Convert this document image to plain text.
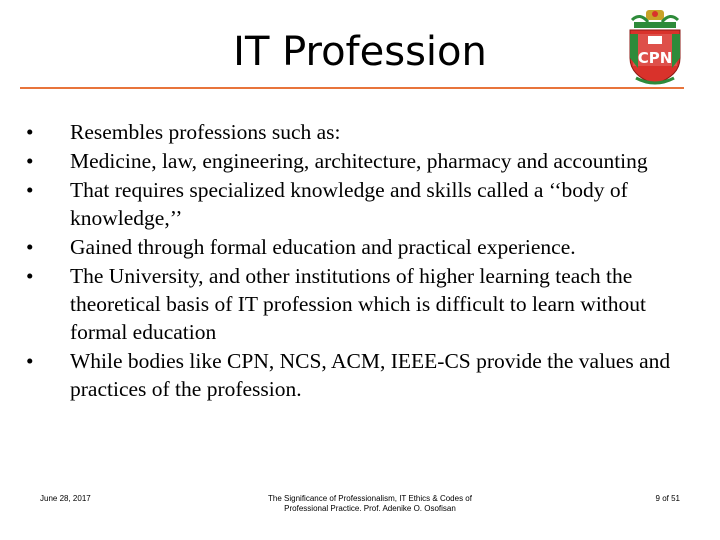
IT Profession	CPN
•	Resembles professions such as:
•	Medicine, law, engineering, architecture, pharmacy and accounting
•	That requires specialized knowledge and skills called a ‘‘body of knowledge,’’
•	Gained through formal education and practical experience.
•	The University, and other institutions of higher learning teach the theoretical basis of IT profession which is difficult to learn without formal education
•	While bodies like CPN, NCS, ACM, IEEE-CS provide the values and practices of the profession.
June 28, 2017	The Significance of Professionalism, IT Ethics & Codes of
Professional Practice. Prof. Adenike O. Osofisan
9 of 51
